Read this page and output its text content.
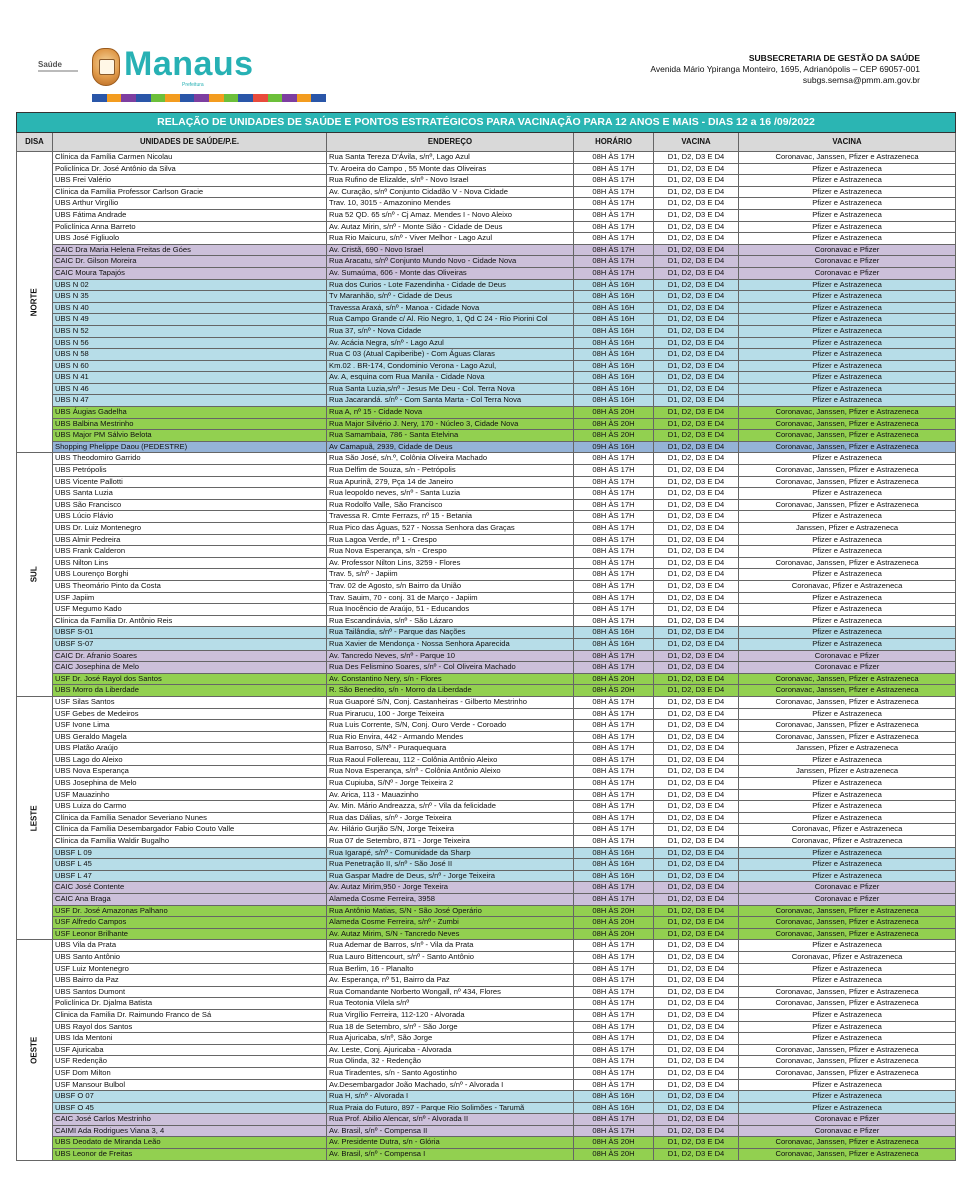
Saúde Manaus
Prefeitura
SUBSECRETARIA DE GESTÃO DA SAÚDE
Avenida Mário Ypiranga Monteiro, 1695, Adrianópolis – CEP 69057-001
subgs.semsa@pmm.am.gov.br
RELAÇÃO DE UNIDADES DE SAÚDE E PONTOS ESTRATÉGICOS PARA VACINAÇÃO PARA 12 ANOS E MAIS - DIAS 12 a 16 /09/2022					
DISA	UNIDADES DE SAÚDE/P.E.	ENDEREÇO	HORÁRIO	VACINA	VACINA
NORTE	Clínica da Família Carmen Nicolau	Rua Santa Tereza D'Ávila, s/nº, Lago Azul	08H ÀS 17H	D1, D2, D3 E D4	Coronavac, Janssen, Pfizer e Astrazeneca
	Policlínica Dr. José Antônio da Silva	Tv. Aroeira do Campo , 55 Monte das Oliveiras	08H ÀS 17H	D1, D2, D3 E D4	Pfizer e Astrazeneca
	UBS Frei Valério	Rua Rufino de Elizalde, s/nº - Novo Israel	08H ÀS 17H	D1, D2, D3 E D4	Pfizer e Astrazeneca
	Clínica da Família Professor Carlson Gracie	Av. Curação, s/nº Conjunto Cidadão V - Nova Cidade	08H ÀS 17H	D1, D2, D3 E D4	Pfizer e Astrazeneca
	UBS Arthur Virgílio	Trav. 10, 3015 - Amazonino Mendes	08H ÀS 17H	D1, D2, D3 E D4	Pfizer e Astrazeneca
	UBS Fátima Andrade	Rua 52 QD. 65 s/nº - Cj Amaz. Mendes I - Novo Aleixo	08H ÀS 17H	D1, D2, D3 E D4	Pfizer e Astrazeneca
	Policlínica Anna Barreto	Av. Autaz Mirin, s/nº - Monte Sião - Cidade de Deus	08H ÀS 17H	D1, D2, D3 E D4	Pfizer e Astrazeneca
	UBS José Figliuolo	Rua Rio Maicuru, s/nº - Viver Melhor - Lago Azul	08H ÀS 17H	D1, D2, D3 E D4	Pfizer e Astrazeneca
	CAIC Dra Maria Helena Freitas de Góes	Av. Cristã, 690 - Novo Israel	08H ÀS 17H	D1, D2, D3 E D4	Coronavac e Pfizer
	CAIC Dr. Gilson Moreira	Rua Aracatu, s/nº Conjunto Mundo Novo - Cidade Nova	08H ÀS 17H	D1, D2, D3 E D4	Coronavac e Pfizer
	CAIC Moura Tapajós	Av. Sumaúma, 606 - Monte das Oliveiras	08H ÀS 17H	D1, D2, D3 E D4	Coronavac e Pfizer
	UBS N 02	Rua dos Curios - Lote Fazendinha - Cidade de Deus	08H ÀS 16H	D1, D2, D3 E D4	Pfizer e Astrazeneca
	UBS N 35	Tv Maranhão, s/nº - Cidade de Deus	08H ÀS 16H	D1, D2, D3 E D4	Pfizer e Astrazeneca
	UBS N 40	Travessa Araxá, s/nº - Manoa - Cidade Nova	08H ÀS 16H	D1, D2, D3 E D4	Pfizer e Astrazeneca
	UBS N 49	Rua Campo Grande c/ Al. Rio Negro, 1, Qd C 24 - Rio Piorini Col	08H ÀS 16H	D1, D2, D3 E D4	Pfizer e Astrazeneca
	UBS N 52	Rua 37, s/nº - Nova Cidade	08H ÀS 16H	D1, D2, D3 E D4	Pfizer e Astrazeneca
	UBS N 56	Av. Acácia Negra, s/nº - Lago Azul	08H ÀS 16H	D1, D2, D3 E D4	Pfizer e Astrazeneca
	UBS N 58	Rua C 03 (Atual Capiberibe) - Com Águas Claras	08H ÀS 16H	D1, D2, D3 E D4	Pfizer e Astrazeneca
	UBS N 60	Km.02 . BR-174, Condominio Verona - Lago Azul,	08H ÀS 16H	D1, D2, D3 E D4	Pfizer e Astrazeneca
	UBS N 41	Av. A, esquina com Rua Manila - Cidade Nova	08H ÀS 16H	D1, D2, D3 E D4	Pfizer e Astrazeneca
	UBS N 46	Rua Santa Luzia,s/nº - Jesus Me Deu - Col. Terra Nova	08H ÀS 16H	D1, D2, D3 E D4	Pfizer e Astrazeneca
	UBS N 47	Rua Jacarandá. s/nº - Com Santa Marta - Col Terra Nova	08H ÀS 16H	D1, D2, D3 E D4	Pfizer e Astrazeneca
	UBS Áugias Gadelha	Rua A, nº 15 - Cidade Nova	08H ÀS 20H	D1, D2, D3 E D4	Coronavac, Janssen, Pfizer e Astrazeneca
	UBS Balbina Mestrinho	Rua Major Silvério J. Nery, 170 - Núcleo 3, Cidade Nova	08H ÀS 20H	D1, D2, D3 E D4	Coronavac, Janssen, Pfizer e Astrazeneca
	UBS Major PM Sálvio Belota	Rua Samambaia, 786 - Santa Etelvina	08H ÀS 20H	D1, D2, D3 E D4	Coronavac, Janssen, Pfizer e Astrazeneca
	Shopping Phelippe Daou (PEDESTRE)	Av Camapuã, 2939, Cidade de Deus	09H ÀS 16H	D1, D2, D3 E D4	Coronavac, Janssen, Pfizer e Astrazeneca
SUL	UBS Theodomiro Garrido	Rua São José, s/n.º, Colônia Oliveira Machado	08H ÀS 17H	D1, D2, D3 E D4	Pfizer e Astrazeneca
	UBS Petrópolis	Rua Delfim de Souza, s/n - Petrópolis	08H ÀS 17H	D1, D2, D3 E D4	Coronavac, Janssen, Pfizer e Astrazeneca
	UBS Vicente Pallotti	Rua Apurinã, 279, Pça 14 de Janeiro	08H ÀS 17H	D1, D2, D3 E D4	Coronavac, Janssen, Pfizer e Astrazeneca
	UBS Santa Luzia	Rua leopoldo neves, s/nº - Santa Luzia	08H ÀS 17H	D1, D2, D3 E D4	Pfizer e Astrazeneca
	UBS São Francisco	Rua Rodolfo Valle, São Francisco	08H ÀS 17H	D1, D2, D3 E D4	Coronavac, Janssen, Pfizer e Astrazeneca
	UBS Lúcio Flávio	Travessa R. Cmte Ferrazs, nº 15 - Betania	08H ÀS 17H	D1, D2, D3 E D4	Pfizer e Astrazeneca
	UBS Dr. Luiz Montenegro	Rua Pico das Águas, 527 - Nossa Senhora das Graças	08H ÀS 17H	D1, D2, D3 E D4	Janssen, Pfizer e Astrazeneca
	UBS Almir Pedreira	Rua Lagoa Verde, nº 1 - Crespo	08H ÀS 17H	D1, D2, D3 E D4	Pfizer e Astrazeneca
	UBS Frank Calderon	Rua Nova Esperança, s/n - Crespo	08H ÀS 17H	D1, D2, D3 E D4	Pfizer e Astrazeneca
	UBS Nilton Lins	Av. Professor Nilton Lins, 3259 - Flores	08H ÀS 17H	D1, D2, D3 E D4	Coronavac, Janssen, Pfizer e Astrazeneca
	UBS Lourenço Borghi	Trav. 5, s/nº - Japiim	08H ÀS 17H	D1, D2, D3 E D4	Pfizer e Astrazeneca
	UBS Theomário Pinto da Costa	Trav. 02 de Agosto, s/n Bairro da União	08H ÀS 17H	D1, D2, D3 E D4	Coronavac, Pfizer e Astrazeneca
	USF Japiim	Trav. Sauim, 70 - conj. 31 de Março - Japiim	08H ÀS 17H	D1, D2, D3 E D4	Pfizer e Astrazeneca
	USF Megumo Kado	Rua Inocêncio de Araújo, 51 - Educandos	08H ÀS 17H	D1, D2, D3 E D4	Pfizer e Astrazeneca
	Clínica da Família Dr. Antônio Reis	Rua Escandinávia, s/nº - São Lázaro	08H ÀS 17H	D1, D2, D3 E D4	Pfizer e Astrazeneca
	UBSF S-01	Rua Tailândia, s/nº - Parque das Nações	08H ÀS 16H	D1, D2, D3 E D4	Pfizer e Astrazeneca
	UBSF S-07	Rua Xavier de Mendonça - Nossa Senhora Aparecida	08H ÀS 16H	D1, D2, D3 E D4	Pfizer e Astrazeneca
	CAIC Dr. Afranio Soares	Av. Tancredo Neves, s/nº - Parque 10	08H ÀS 17H	D1, D2, D3 E D4	Coronavac e Pfizer
	CAIC Josephina de Melo	Rua Des Felismino Soares, s/nº - Col Oliveira Machado	08H ÀS 17H	D1, D2, D3 E D4	Coronavac e Pfizer
	USF Dr. José Rayol dos Santos	Av. Constantino Nery, s/n - Flores	08H ÀS 20H	D1, D2, D3 E D4	Coronavac, Janssen, Pfizer e Astrazeneca
	UBS Morro da Liberdade	R. São Benedito, s/n - Morro da Liberdade	08H ÀS 20H	D1, D2, D3 E D4	Coronavac, Janssen, Pfizer e Astrazeneca
LESTE	USF Silas Santos	Rua Guaporé S/N, Conj. Castanheiras - Gilberto Mestrinho	08H ÀS 17H	D1, D2, D3 E D4	Coronavac, Janssen, Pfizer e Astrazeneca
	USF Gebes de Medeiros	Rua Pirarucu, 100 - Jorge Teixeira	08H ÀS 17H	D1, D2, D3 E D4	Pfizer e Astrazeneca
	USF Ivone Lima	Rua Luis Corrente, S/N, Conj. Ouro Verde - Coroado	08H ÀS 17H	D1, D2, D3 E D4	Coronavac, Janssen, Pfizer e Astrazeneca
	UBS Geraldo Magela	Rua Rio Envira, 442 - Armando Mendes	08H ÀS 17H	D1, D2, D3 E D4	Coronavac, Janssen, Pfizer e Astrazeneca
	UBS Platão Araújo	Rua Barroso, S/Nº - Puraquequara	08H ÀS 17H	D1, D2, D3 E D4	Janssen, Pfizer e Astrazeneca
	UBS Lago do Aleixo	Rua Raoul Follereau, 112 - Colônia Antônio Aleixo	08H ÀS 17H	D1, D2, D3 E D4	Pfizer e Astrazeneca
	UBS Nova Esperança	Rua Nova Esperança, s/nº - Colônia Antônio Aleixo	08H ÀS 17H	D1, D2, D3 E D4	Janssen, Pfizer e Astrazeneca
	UBS Josephina de Melo	Rua Cupiuba, S/Nº - Jorge Teixeira 2	08H ÀS 17H	D1, D2, D3 E D4	Pfizer e Astrazeneca
	USF Mauazinho	Av. Arica, 113 - Mauazinho	08H ÀS 17H	D1, D2, D3 E D4	Pfizer e Astrazeneca
	UBS Luiza do Carmo	Av. Min. Mário Andreazza, s/nº - Vila da felicidade	08H ÀS 17H	D1, D2, D3 E D4	Pfizer e Astrazeneca
	Clínica da Família Senador Severiano Nunes	Rua das Dálias, s/nº - Jorge Teixeira	08H ÀS 17H	D1, D2, D3 E D4	Pfizer e Astrazeneca
	Clínica da Família Desembargador Fabio Couto Valle	Av. Hilário Gurjão S/N, Jorge Teixeira	08H ÀS 17H	D1, D2, D3 E D4	Coronavac, Pfizer e Astrazeneca
	Clínica da Família Waldir Bugalho	Rua 07 de Setembro, 871 - Jorge Teixeira	08H ÀS 17H	D1, D2, D3 E D4	Coronavac, Pfizer e Astrazeneca
	UBSF L 09	Rua Igarapé, s/nº - Comunidade da Sharp	08H ÀS 16H	D1, D2, D3 E D4	Pfizer e Astrazeneca
	UBSF L 45	Rua Penetração II, s/nº - São José II	08H ÀS 16H	D1, D2, D3 E D4	Pfizer e Astrazeneca
	UBSF L 47	Rua Gaspar Madre de Deus, s/nº - Jorge Teixeira	08H ÀS 16H	D1, D2, D3 E D4	Pfizer e Astrazeneca
	CAIC José Contente	Av. Autaz Mirim,950 - Jorge Texeira	08H ÀS 17H	D1, D2, D3 E D4	Coronavac e Pfizer
	CAIC Ana Braga	Alameda Cosme Ferreira, 3958	08H ÀS 17H	D1, D2, D3 E D4	Coronavac e Pfizer
	USF Dr. José Amazonas Palhano	Rua Antônio Matias, S/N - São José Operário	08H ÀS 20H	D1, D2, D3 E D4	Coronavac, Janssen, Pfizer e Astrazeneca
	USF Alfredo Campos	Alameda Cosme Ferreira, s/nº - Zumbi	08H ÀS 20H	D1, D2, D3 E D4	Coronavac, Janssen, Pfizer e Astrazeneca
	USF Leonor Brilhante	Av. Autaz Mirim, S/N - Tancredo Neves	08H ÀS 20H	D1, D2, D3 E D4	Coronavac, Janssen, Pfizer e Astrazeneca
OESTE	UBS Vila da Prata	Rua Ademar de Barros, s/nº - Vila da Prata	08H ÀS 17H	D1, D2, D3 E D4	Pfizer e Astrazeneca
	UBS Santo Antônio	Rua Lauro Bittencourt, s/nº - Santo Antônio	08H ÀS 17H	D1, D2, D3 E D4	Coronavac, Pfizer e Astrazeneca
	USF Luiz Montenegro	Rua Berlim, 16 - Planalto	08H ÀS 17H	D1, D2, D3 E D4	Pfizer e Astrazeneca
	UBS Bairro da Paz	Av. Esperança, nº 51, Bairro da Paz	08H ÀS 17H	D1, D2, D3 E D4	Pfizer e Astrazeneca
	UBS Santos Dumont	Rua Comandante Norberto Wongall, nº 434, Flores	08H ÀS 17H	D1, D2, D3 E D4	Coronavac, Janssen, Pfizer e Astrazeneca
	Policlínica Dr. Djalma Batista	Rua Teotonia Vilela s/nº	08H ÀS 17H	D1, D2, D3 E D4	Coronavac, Janssen, Pfizer e Astrazeneca
	Clinica da Familia Dr. Raimundo Franco de Sá	Rua Virgílio Ferreira, 112-120 - Alvorada	08H ÀS 17H	D1, D2, D3 E D4	Pfizer e Astrazeneca
	UBS Rayol dos Santos	Rua 18 de Setembro, s/nº - São Jorge	08H ÀS 17H	D1, D2, D3 E D4	Pfizer e Astrazeneca
	UBS Ida Mentoni	Rua Ajuricaba, s/nº, São Jorge	08H ÀS 17H	D1, D2, D3 E D4	Pfizer e Astrazeneca
	USF Ajuricaba	Av. Leste, Conj. Ajuricaba - Alvorada	08H ÀS 17H	D1, D2, D3 E D4	Coronavac, Janssen, Pfizer e Astrazeneca
	USF Redenção	Rua Olinda, 32 - Redenção	08H ÀS 17H	D1, D2, D3 E D4	Coronavac, Janssen, Pfizer e Astrazeneca
	USF Dom Milton	Rua Tiradentes, s/n - Santo Agostinho	08H ÀS 17H	D1, D2, D3 E D4	Coronavac, Janssen, Pfizer e Astrazeneca
	USF Mansour Bulbol	Av.Desembargador João Machado, s/nº - Alvorada I	08H ÀS 17H	D1, D2, D3 E D4	Pfizer e Astrazeneca
	UBSF O 07	Rua H, s/nº - Alvorada I	08H ÀS 16H	D1, D2, D3 E D4	Pfizer e Astrazeneca
	UBSF O 45	Rua Praia do Futuro, 897 - Parque Rio Solimões - Tarumã	08H ÀS 16H	D1, D2, D3 E D4	Pfizer e Astrazeneca
	CAIC José Carlos Mestrinho	Rua Prof. Abilio Alencar, s/nº - Alvorada II	08H ÀS 17H	D1, D2, D3 E D4	Coronavac e Pfizer
	CAIMI Ada Rodrigues Viana 3, 4	Av. Brasil, s/nº - Compensa II	08H ÀS 17H	D1, D2, D3 E D4	Coronavac e Pfizer
	UBS Deodato de Miranda Leão	Av. Presidente Dutra, s/n - Glória	08H ÀS 20H	D1, D2, D3 E D4	Coronavac, Janssen, Pfizer e Astrazeneca
	UBS Leonor de Freitas	Av. Brasil, s/nº - Compensa I	08H ÀS 20H	D1, D2, D3 E D4	Coronavac, Janssen, Pfizer e Astrazeneca
